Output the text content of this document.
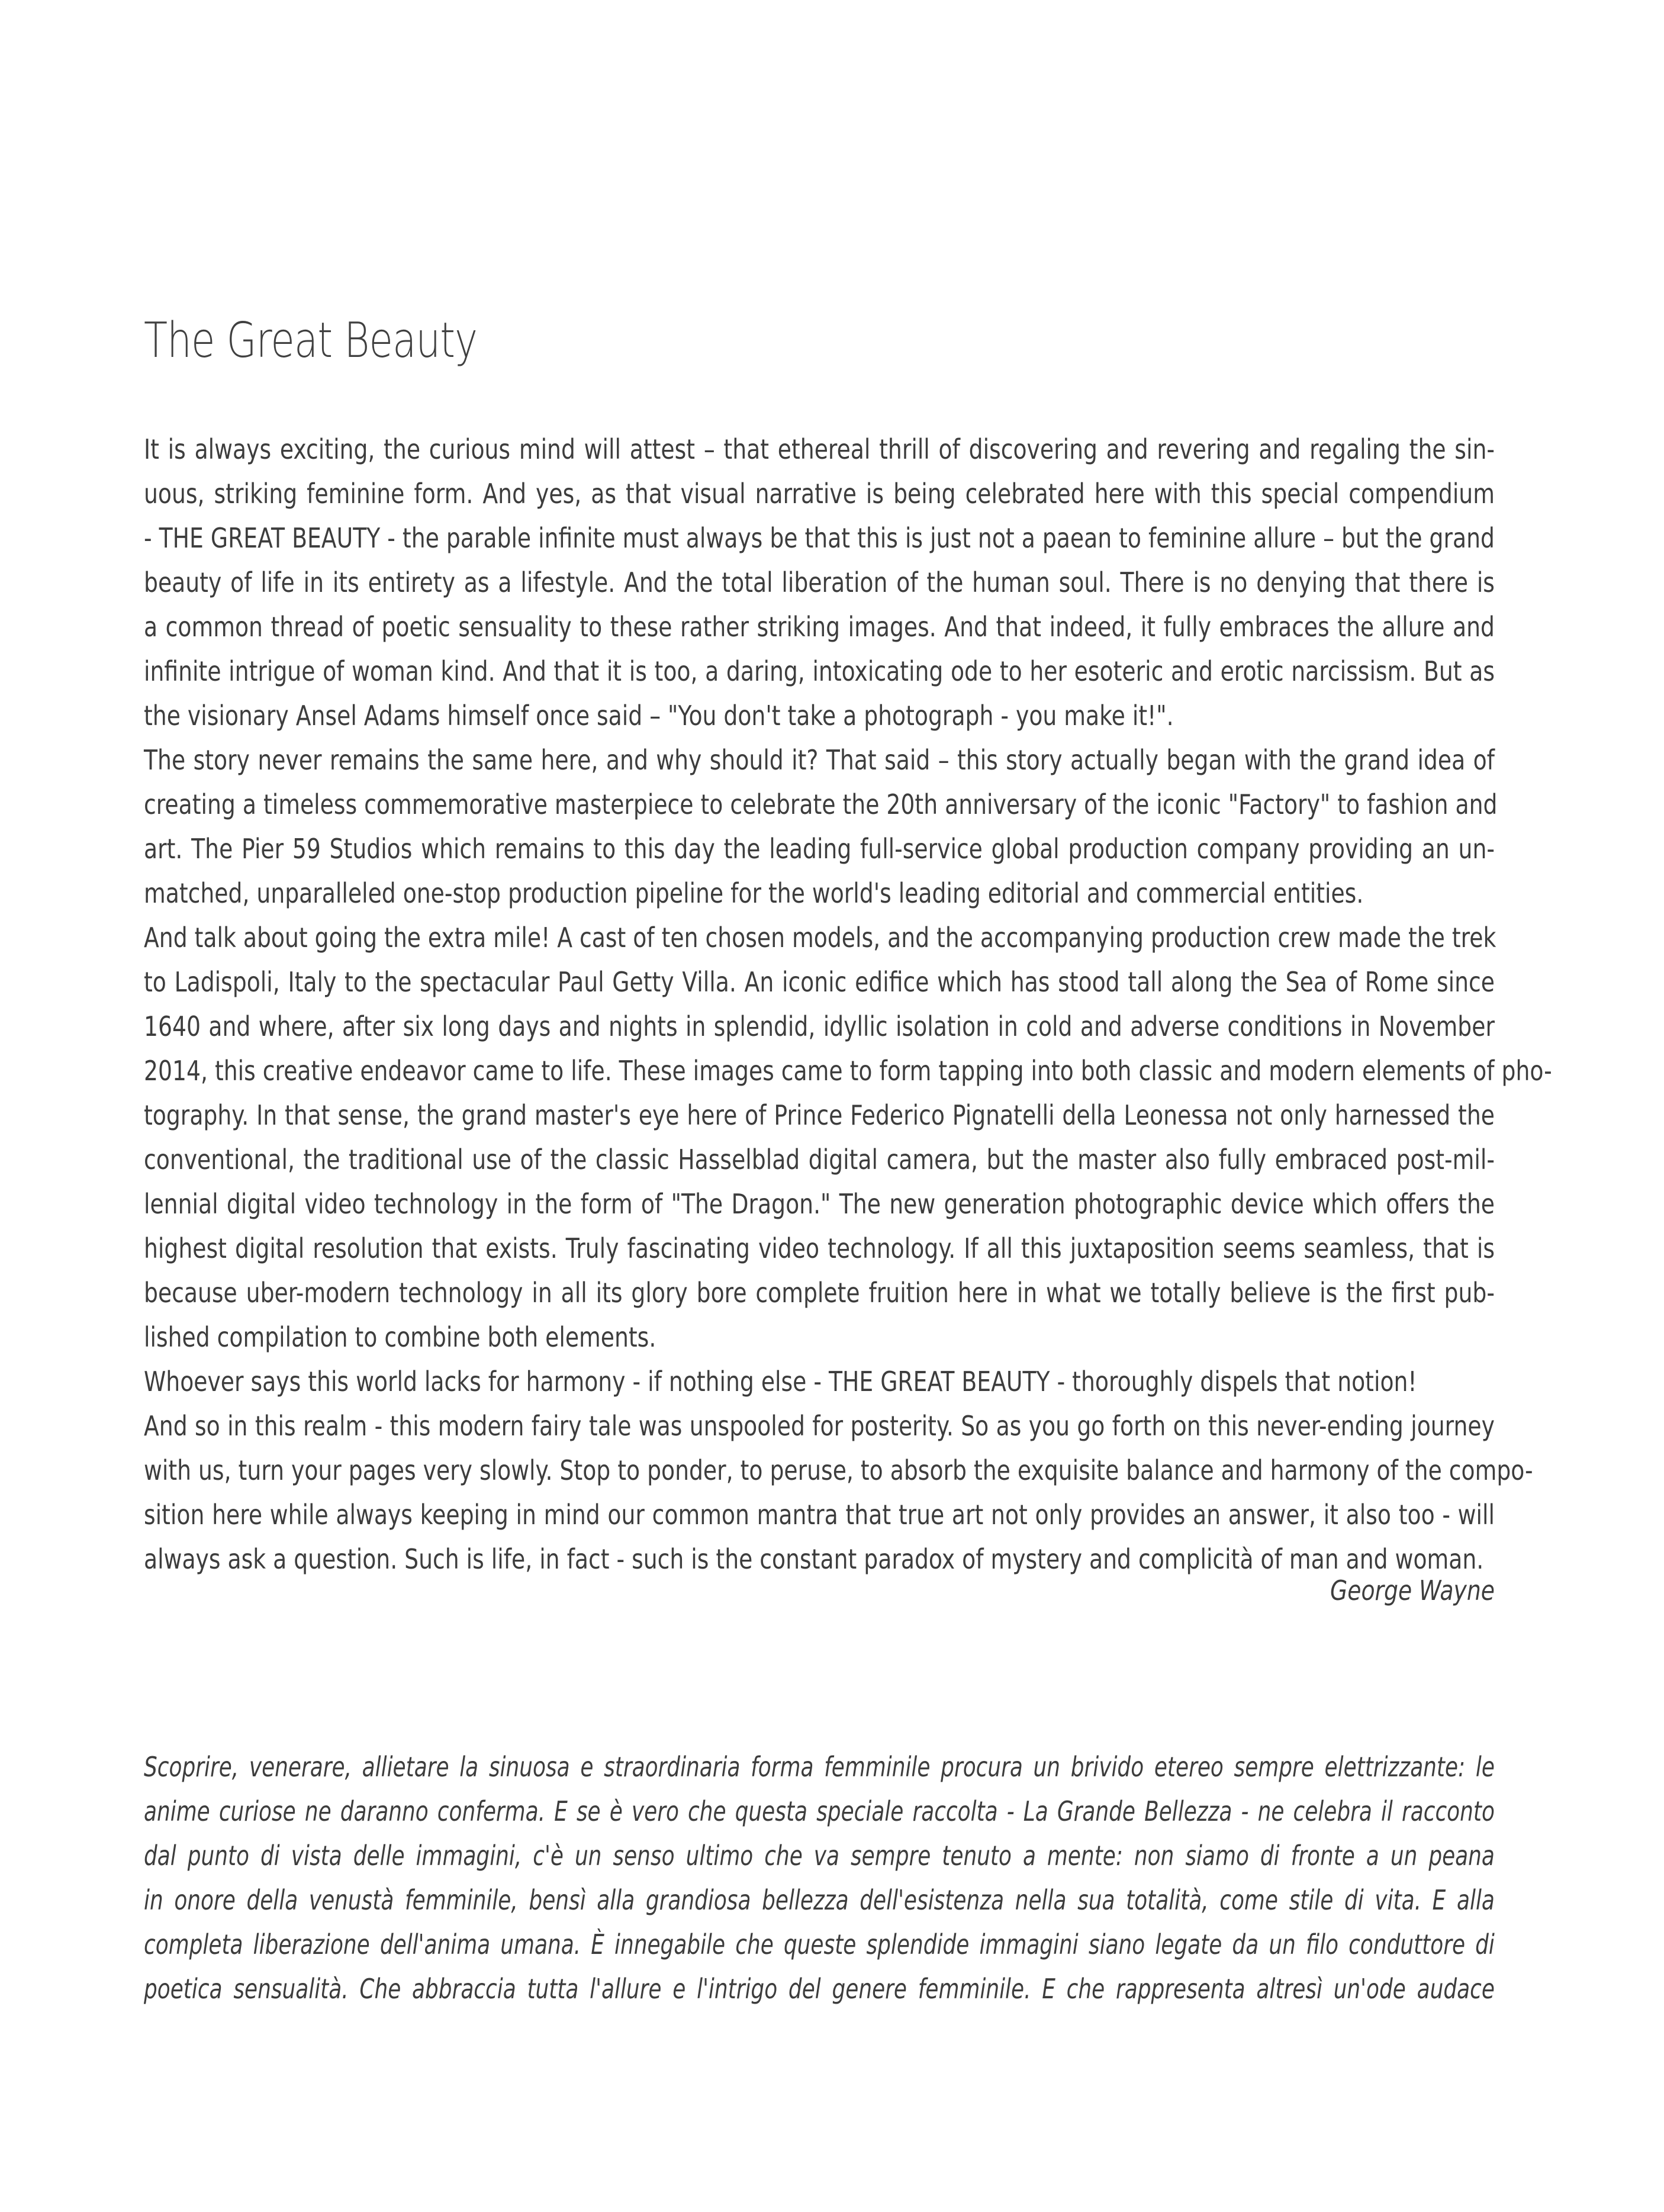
The Great Beauty
It is always exciting, the curious mind will attest – that ethereal thrill of discovering and revering and regaling the sin-
uous, striking feminine form. And yes, as that visual narrative is being celebrated here with this special compendium
- THE GREAT BEAUTY - the parable infinite must always be that this is just not a paean to feminine allure – but the grand
beauty of life in its entirety as a lifestyle. And the total liberation of the human soul. There is no denying that there is
a common thread of poetic sensuality to these rather striking images. And that indeed, it fully embraces the allure and
infinite intrigue of woman kind. And that it is too, a daring, intoxicating ode to her esoteric and erotic narcissism. But as
the visionary Ansel Adams himself once said – "You don't take a photograph - you make it!".
The story never remains the same here, and why should it? That said – this story actually began with the grand idea of
creating a timeless commemorative masterpiece to celebrate the 20th anniversary of the iconic "Factory" to fashion and
art. The Pier 59 Studios which remains to this day the leading full-service global production company providing an un-
matched, unparalleled one-stop production pipeline for the world's leading editorial and commercial entities.
And talk about going the extra mile! A cast of ten chosen models, and the accompanying production crew made the trek
to Ladispoli, Italy to the spectacular Paul Getty Villa. An iconic edifice which has stood tall along the Sea of Rome since
1640 and where, after six long days and nights in splendid, idyllic isolation in cold and adverse conditions in November
2014, this creative endeavor came to life. These images came to form tapping into both classic and modern elements of pho-
tography. In that sense, the grand master's eye here of Prince Federico Pignatelli della Leonessa not only harnessed the
conventional, the traditional use of the classic Hasselblad digital camera, but the master also fully embraced post-mil-
lennial digital video technology in the form of "The Dragon." The new generation photographic device which offers the
highest digital resolution that exists. Truly fascinating video technology. If all this juxtaposition seems seamless, that is
because uber-modern technology in all its glory bore complete fruition here in what we totally believe is the first pub-
lished compilation to combine both elements.
Whoever says this world lacks for harmony - if nothing else - THE GREAT BEAUTY - thoroughly dispels that notion!
And so in this realm - this modern fairy tale was unspooled for posterity. So as you go forth on this never-ending journey
with us, turn your pages very slowly. Stop to ponder, to peruse, to absorb the exquisite balance and harmony of the compo-
sition here while always keeping in mind our common mantra that true art not only provides an answer, it also too - will
always ask a question. Such is life, in fact - such is the constant paradox of mystery and complicità of man and woman.
George Wayne
Scoprire, venerare, allietare la sinuosa e straordinaria forma femminile procura un brivido etereo sempre elettrizzante: le
anime curiose ne daranno conferma. E se è vero che questa speciale raccolta - La Grande Bellezza - ne celebra il racconto
dal punto di vista delle immagini, c'è un senso ultimo che va sempre tenuto a mente: non siamo di fronte a un peana
in onore della venustà femminile, bensì alla grandiosa bellezza dell'esistenza nella sua totalità, come stile di vita. E alla
completa liberazione dell'anima umana. È innegabile che queste splendide immagini siano legate da un filo conduttore di
poetica sensualità. Che abbraccia tutta l'allure e l'intrigo del genere femminile. E che rappresenta altresì un'ode audace
